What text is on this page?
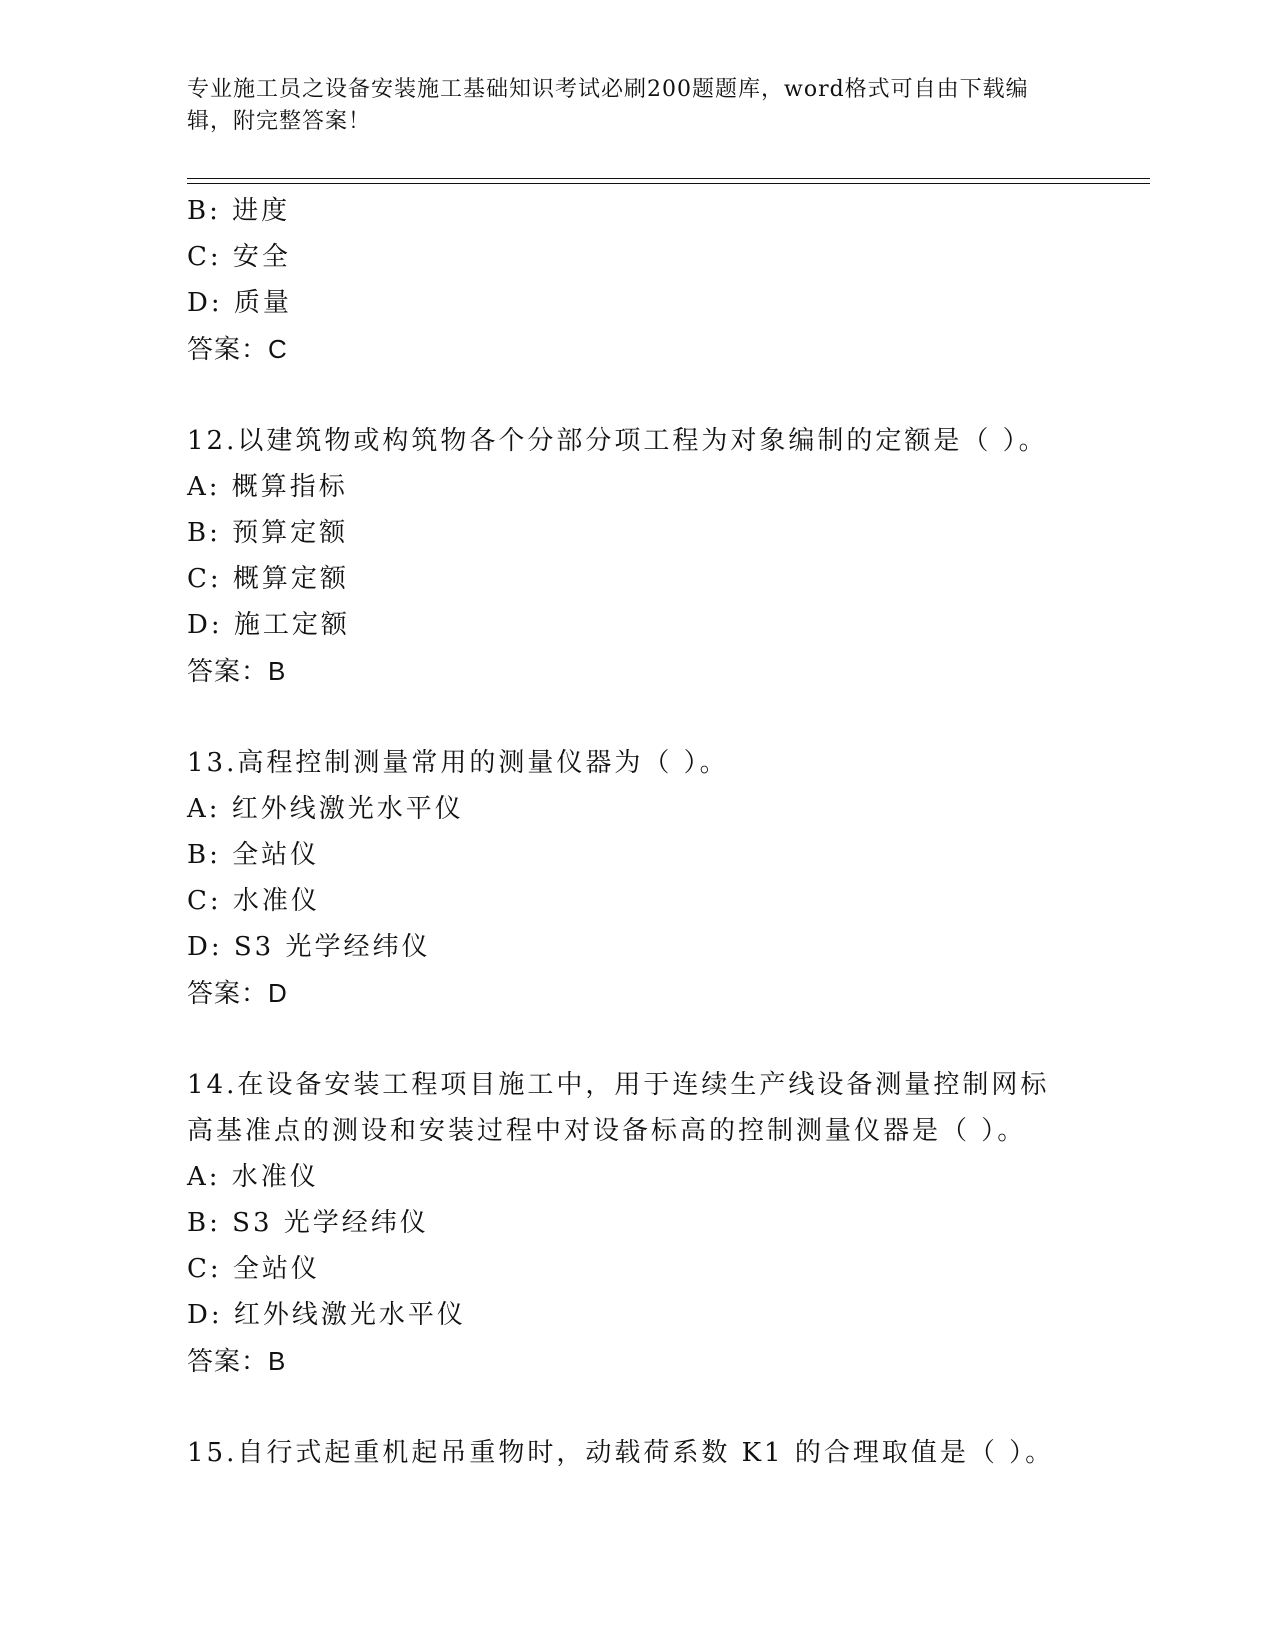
专业施工员之设备安装施工基础知识考试必刷200题题库，word格式可自由下载编辑，附完整答案！
B: 进度
C: 安全
D: 质量
答案：C
12.以建筑物或构筑物各个分部分项工程为对象编制的定额是（ ）。
A: 概算指标
B: 预算定额
C: 概算定额
D: 施工定额
答案：B
13.高程控制测量常用的测量仪器为（ ）。
A: 红外线激光水平仪
B: 全站仪
C: 水准仪
D: S3 光学经纬仪
答案：D
14.在设备安装工程项目施工中，用于连续生产线设备测量控制网标高基准点的测设和安装过程中对设备标高的控制测量仪器是（ ）。
A: 水准仪
B: S3 光学经纬仪
C: 全站仪
D: 红外线激光水平仪
答案：B
15.自行式起重机起吊重物时，动载荷系数 K1 的合理取值是（ ）。
